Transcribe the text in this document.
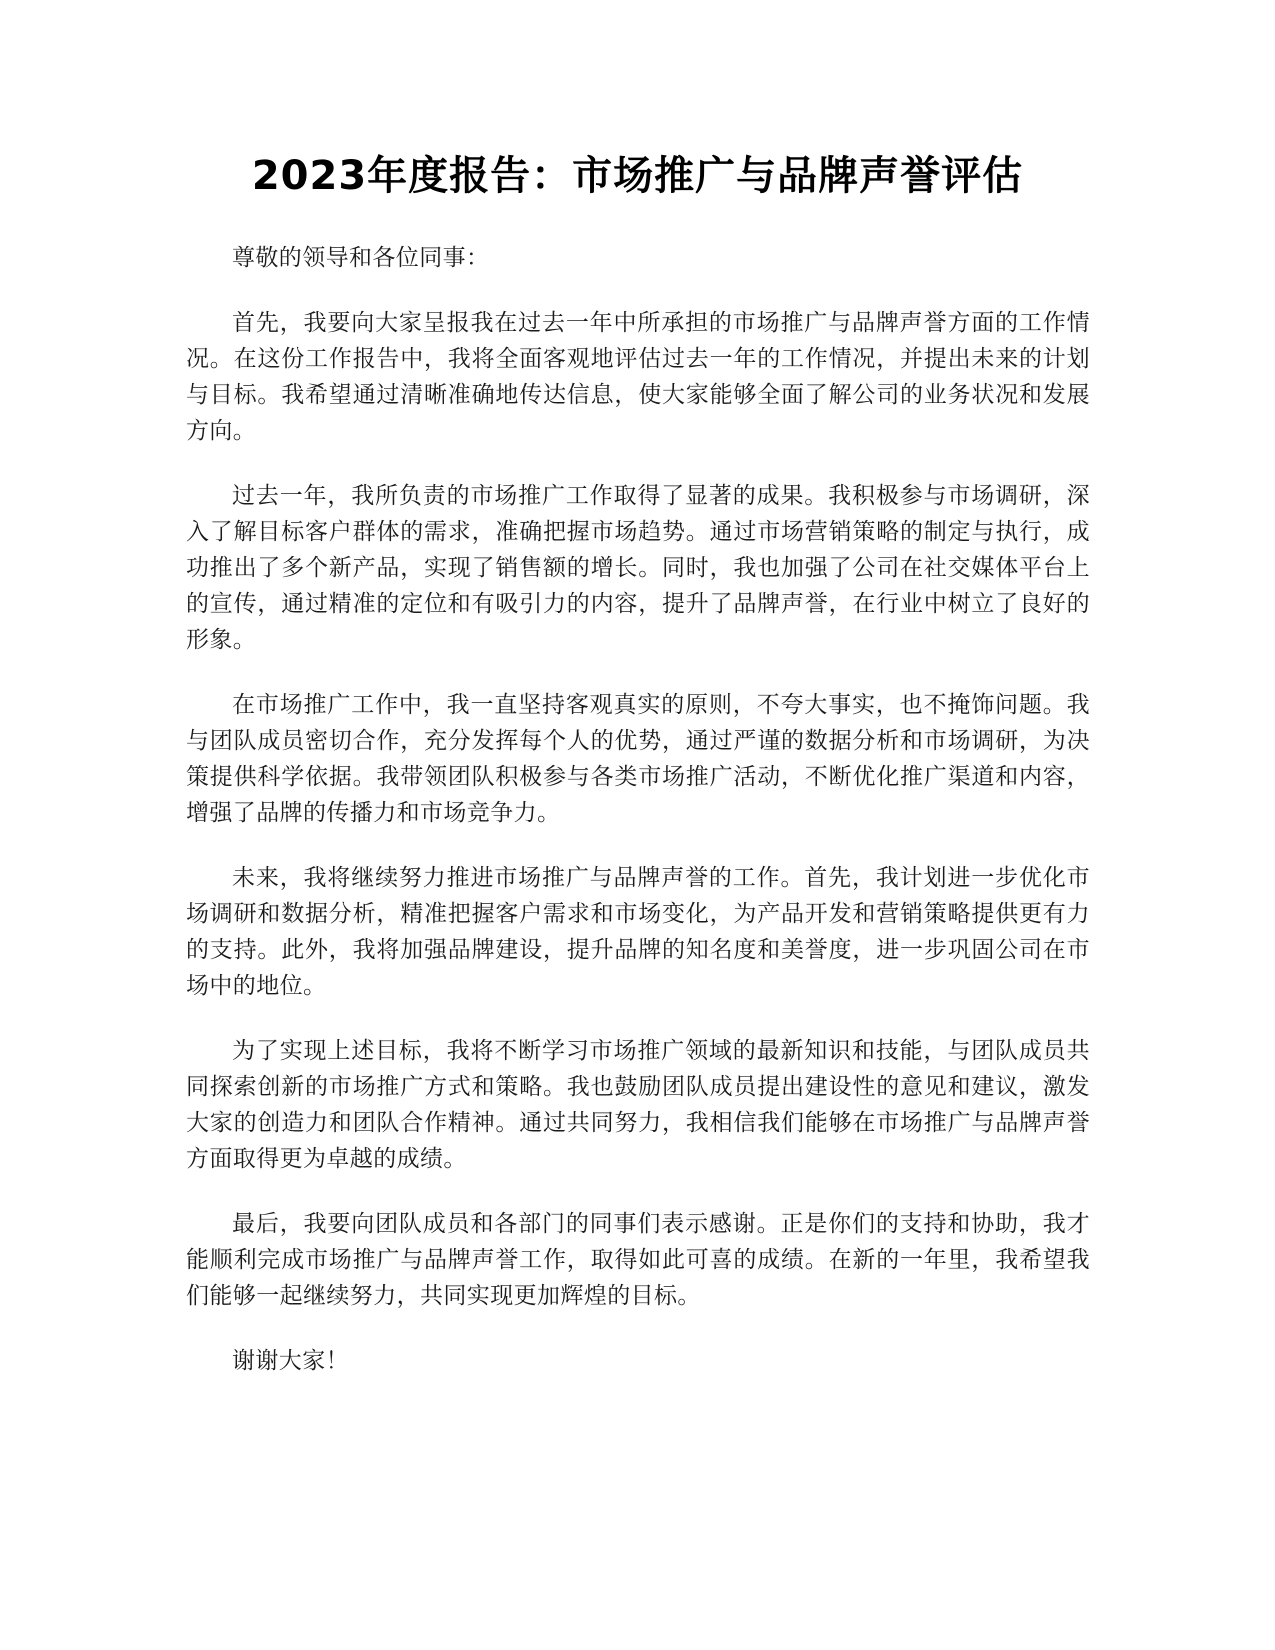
2023年度报告：市场推广与品牌声誉评估

尊敬的领导和各位同事：

首先，我要向大家呈报我在过去一年中所承担的市场推广与品牌声誉方面的工作情况。在这份工作报告中，我将全面客观地评估过去一年的工作情况，并提出未来的计划与目标。我希望通过清晰准确地传达信息，使大家能够全面了解公司的业务状况和发展方向。

过去一年，我所负责的市场推广工作取得了显著的成果。我积极参与市场调研，深入了解目标客户群体的需求，准确把握市场趋势。通过市场营销策略的制定与执行，成功推出了多个新产品，实现了销售额的增长。同时，我也加强了公司在社交媒体平台上的宣传，通过精准的定位和有吸引力的内容，提升了品牌声誉，在行业中树立了良好的形象。

在市场推广工作中，我一直坚持客观真实的原则，不夸大事实，也不掩饰问题。我与团队成员密切合作，充分发挥每个人的优势，通过严谨的数据分析和市场调研，为决策提供科学依据。我带领团队积极参与各类市场推广活动，不断优化推广渠道和内容，增强了品牌的传播力和市场竞争力。

未来，我将继续努力推进市场推广与品牌声誉的工作。首先，我计划进一步优化市场调研和数据分析，精准把握客户需求和市场变化，为产品开发和营销策略提供更有力的支持。此外，我将加强品牌建设，提升品牌的知名度和美誉度，进一步巩固公司在市场中的地位。

为了实现上述目标，我将不断学习市场推广领域的最新知识和技能，与团队成员共同探索创新的市场推广方式和策略。我也鼓励团队成员提出建设性的意见和建议，激发大家的创造力和团队合作精神。通过共同努力，我相信我们能够在市场推广与品牌声誉方面取得更为卓越的成绩。

最后，我要向团队成员和各部门的同事们表示感谢。正是你们的支持和协助，我才能顺利完成市场推广与品牌声誉工作，取得如此可喜的成绩。在新的一年里，我希望我们能够一起继续努力，共同实现更加辉煌的目标。

谢谢大家！
